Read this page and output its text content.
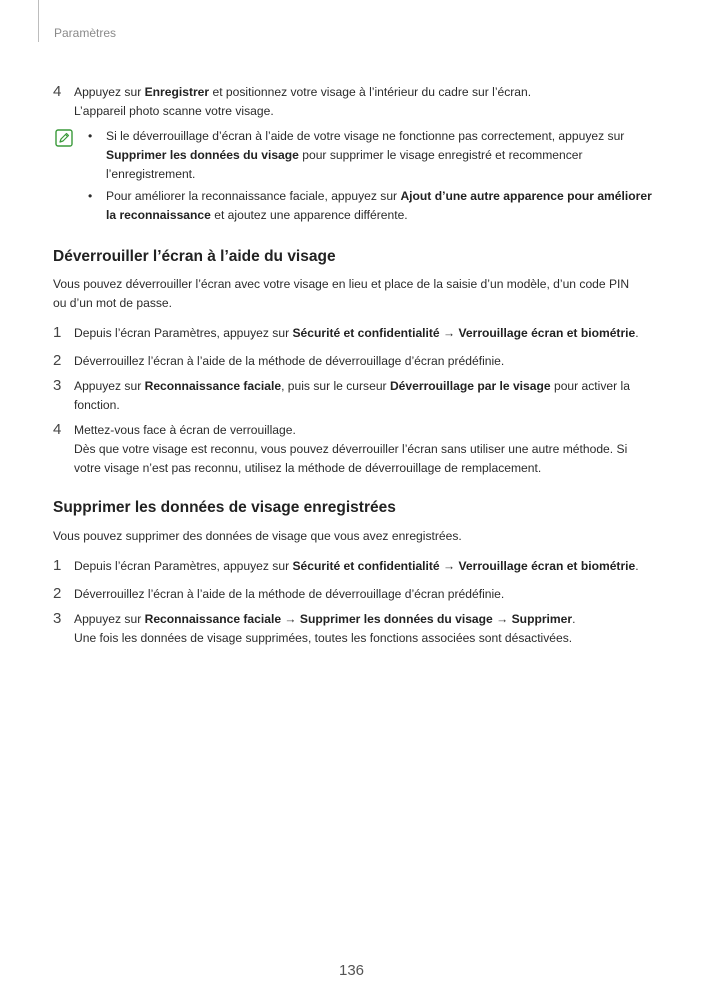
Paramètres
4 Appuyez sur Enregistrer et positionnez votre visage à l’intérieur du cadre sur l’écran.

L’appareil photo scanne votre visage.

• Si le déverrouillage d’écran à l’aide de votre visage ne fonctionne pas correctement, appuyez sur Supprimer les données du visage pour supprimer le visage enregistré et recommencer l’enregistrement.
• Pour améliorer la reconnaissance faciale, appuyez sur Ajout d’une autre apparence pour améliorer la reconnaissance et ajoutez une apparence différente.
Déverrouiller l’écran à l’aide du visage

Vous pouvez déverrouiller l’écran avec votre visage en lieu et place de la saisie d’un modèle, d’un code PIN ou d’un mot de passe.

1 Depuis l’écran Paramètres, appuyez sur Sécurité et confidentialité → Verrouillage écran et biométrie.

2 Déverrouillez l’écran à l’aide de la méthode de déverrouillage d’écran prédéfinie.

3 Appuyez sur Reconnaissance faciale, puis sur le curseur Déverrouillage par le visage pour activer la fonction.

4 Mettez-vous face à écran de verrouillage.

Dès que votre visage est reconnu, vous pouvez déverrouiller l’écran sans utiliser une autre méthode. Si votre visage n’est pas reconnu, utilisez la méthode de déverrouillage de remplacement.

Supprimer les données de visage enregistrées

Vous pouvez supprimer des données de visage que vous avez enregistrées.

1 Depuis l’écran Paramètres, appuyez sur Sécurité et confidentialité → Verrouillage écran et biométrie.

2 Déverrouillez l’écran à l’aide de la méthode de déverrouillage d’écran prédéfinie.

3 Appuyez sur Reconnaissance faciale → Supprimer les données du visage → Supprimer.

Une fois les données de visage supprimées, toutes les fonctions associées sont désactivées.

136
